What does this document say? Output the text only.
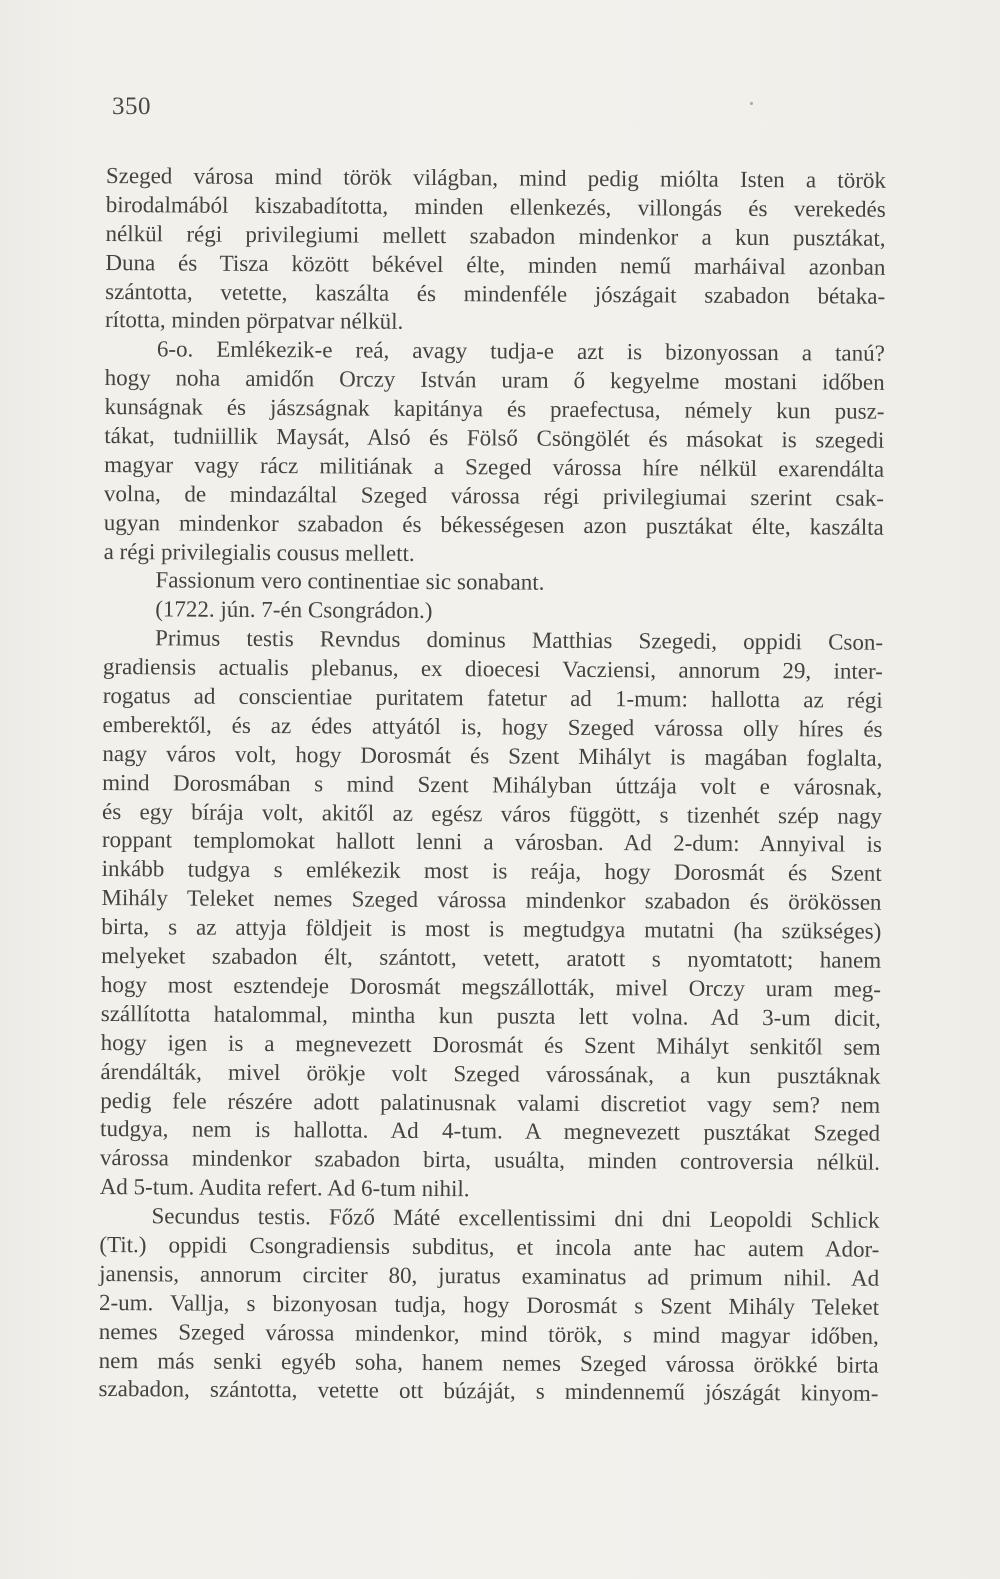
350
Szeged városa mind török világban, mind pedig miólta Isten a török
birodalmából kiszabadította, minden ellenkezés, villongás és verekedés
nélkül régi privilegiumi mellett szabadon mindenkor a kun pusztákat,
Duna és Tisza között békével élte, minden nemű marháival azonban
szántotta, vetette, kaszálta és mindenféle jószágait szabadon bétaka-
rította, minden pörpatvar nélkül.
6-o. Emlékezik-e reá, avagy tudja-e azt is bizonyossan a tanú?
hogy noha amidőn Orczy István uram ő kegyelme mostani időben
kunságnak és jászságnak kapitánya és praefectusa, némely kun pusz-
tákat, tudniillik Maysát, Alsó és Fölső Csöngölét és másokat is szegedi
magyar vagy rácz militiának a Szeged várossa híre nélkül exarendálta
volna, de mindazáltal Szeged várossa régi privilegiumai szerint csak-
ugyan mindenkor szabadon és békességesen azon pusztákat élte, kaszálta
a régi privilegialis cousus mellett.
Fassionum vero continentiae sic sonabant.
(1722. jún. 7-én Csongrádon.)
Primus testis Revndus dominus Matthias Szegedi, oppidi Cson-
gradiensis actualis plebanus, ex dioecesi Vacziensi, annorum 29, inter-
rogatus ad conscientiae puritatem fatetur ad 1-mum: hallotta az régi
emberektől, és az édes attyától is, hogy Szeged várossa olly híres és
nagy város volt, hogy Dorosmát és Szent Mihályt is magában foglalta,
mind Dorosmában s mind Szent Mihályban úttzája volt e városnak,
és egy bírája volt, akitől az egész város függött, s tizenhét szép nagy
roppant templomokat hallott lenni a városban. Ad 2-dum: Annyival is
inkább tudgya s emlékezik most is reája, hogy Dorosmát és Szent
Mihály Teleket nemes Szeged várossa mindenkor szabadon és örökössen
birta, s az attyja földjeit is most is megtudgya mutatni (ha szükséges)
melyeket szabadon élt, szántott, vetett, aratott s nyomtatott; hanem
hogy most esztendeje Dorosmát megszállották, mivel Orczy uram meg-
szállította hatalommal, mintha kun puszta lett volna. Ad 3-um dicit,
hogy igen is a megnevezett Dorosmát és Szent Mihályt senkitől sem
árendálták, mivel örökje volt Szeged várossának, a kun pusztáknak
pedig fele részére adott palatinusnak valami discretiot vagy sem? nem
tudgya, nem is hallotta. Ad 4-tum. A megnevezett pusztákat Szeged
várossa mindenkor szabadon birta, usuálta, minden controversia nélkül.
Ad 5-tum. Audita refert. Ad 6-tum nihil.
Secundus testis. Főző Máté excellentissimi dni dni Leopoldi Schlick
(Tit.) oppidi Csongradiensis subditus, et incola ante hac autem Ador-
janensis, annorum circiter 80, juratus examinatus ad primum nihil. Ad
2-um. Vallja, s bizonyosan tudja, hogy Dorosmát s Szent Mihály Teleket
nemes Szeged várossa mindenkor, mind török, s mind magyar időben,
nem más senki egyéb soha, hanem nemes Szeged várossa örökké birta
szabadon, szántotta, vetette ott búzáját, s mindennemű jószágát kinyom-
